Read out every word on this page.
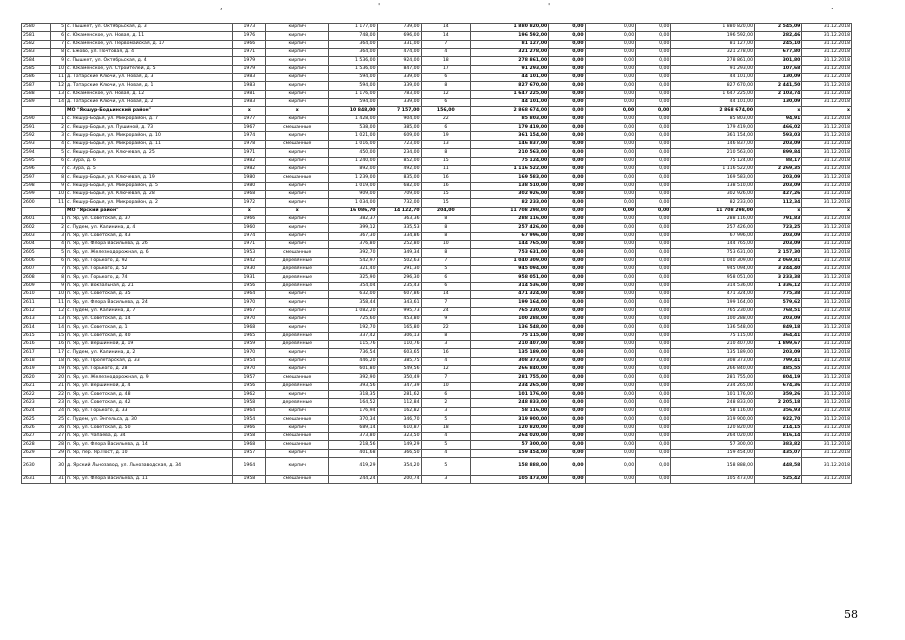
,	'	'	.
2580	5	с. Пышкет, ул. Октябрьская, д. 3	1973	кирпич	1 177,00	739,00	14	1 880 820,00	0,00	0,00	0,00	1 880 820,00	2 545,09	31.12.2018
2581	6	с. Юкаменское, ул. Новая, д. 11	1976	кирпич	748,00	696,00	14	196 592,00	0,00	0,00	0,00	196 592,00	282,46	31.12.2018
2582	7	с. Юкаменское, ул. Первомайская, д. 17	1966	кирпич	364,00	331,00	7	81 127,00	0,00	0,00	0,00	81 127,00	245,10	31.12.2018
2583	8	с. Ежово, ул. Почтовая, д. 4	1971	кирпич	364,00	474,00	4	321 278,00	0,00	0,00	0,00	321 278,00	677,80	31.12.2018
2584	9	с. Пышкет, ул. Октябрьская, д. 4	1979	кирпич	1 536,00	924,00	18	278 861,00	0,00	0,00	0,00	278 861,00	301,80	31.12.2018
2585	10	с. Юкаменское, ул. Строителей, д. 5	1979	кирпич	1 536,00	847,00	17	91 293,00	0,00	0,00	0,00	91 293,00	107,68	31.12.2018
2586	11	д. Татарские Ключи, ул. Новая, д. 3	1983	кирпич	594,00	339,00	6	44 101,00	0,00	0,00	0,00	44 101,00	130,09	31.12.2018
2587	12	д. Татарские Ключи, ул. Новая, д. 1	1983	кирпич	594,00	339,00	8	827 670,00	0,00	0,00	0,00	827 670,00	2 441,50	31.12.2018
2588	13	с. Юкаменское, ул. Новая, д. 12	1981	кирпич	1 176,00	783,00	12	1 647 225,00	0,00	0,00	0,00	1 647 225,00	2 103,74	31.12.2018
2589	14	д. Татарские Ключи, ул. Новая, д. 2	1983	кирпич	594,00	339,00	6	44 101,00	0,00	0,00	0,00	44 101,00	130,09	31.12.2018
		МО "Якшур-Бодьинский район"	х	х	10 848,00	7 157,00	156,00	2 868 674,00	0,00	0,00	0,00	2 868 674,00	х	х
2590	1	с. Якшур-Бодья, ул. Микрорайон, д. 7	1977	кирпич	1 428,00	904,00	22	85 803,00	0,00	0,00	0,00	85 803,00	94,91	31.12.2018
2591	2	с. Якшур-Бодья, ул. Пушиной, д. 73	1967	смешанные	538,00	385,00	6	179 419,00	0,00	0,00	0,00	179 419,00	466,02	31.12.2018
2592	3	с. Якшур-Бодья, ул. Микрорайон, д. 10	1974	кирпич	1 021,00	609,00	19	361 154,00	0,00	0,00	0,00	361 154,00	593,03	31.12.2018
2593	4	с. Якшур-Бодья, ул. Микрорайон, д. 11	1978	смешанные	1 016,00	723,00	13	146 837,00	0,00	0,00	0,00	146 837,00	203,09	31.12.2018
2594	5	с. Якшур-Бодья, ул. Ключевая, д. 25	1971	кирпич	450,00	234,00	8	210 563,00	0,00	0,00	0,00	210 563,00	899,84	31.12.2018
2595	6	с. Зура, д. 6	1982	кирпич	1 240,00	852,00	15	75 124,00	0,00	0,00	0,00	75 124,00	88,17	31.12.2018
2596	7	с. Зура, д. 5	1982	кирпич	892,00	492,00	11	1 116 522,00	0,00	0,00	0,00	1 116 522,00	2 269,35	31.12.2018
2597	8	с. Якшур-Бодья, ул. Ключевая, д. 19	1980	смешанные	1 239,00	835,00	16	169 583,00	0,00	0,00	0,00	169 583,00	203,09	31.12.2018
2598	9	с. Якшур-Бодья, ул. Микрорайон, д. 5	1980	кирпич	1 019,00	682,00	16	138 510,00	0,00	0,00	0,00	138 510,00	203,09	31.12.2018
2599	10	с. Якшур-Бодья, ул. Ключевая, д. 28	1968	кирпич	909,00	709,00	15	302 926,00	0,00	0,00	0,00	302 926,00	427,26	31.12.2018
2600	11	с. Якшур-Бодья, ул. Микрорайон, д. 2	1972	кирпич	1 034,00	732,00	15	82 233,00	0,00	0,00	0,00	82 233,00	112,34	31.12.2018
		МО "Ярский район"	х	х	16 086,70	14 122,70	204,00	11 708 298,00	0,00	0,00	0,00	11 708 298,00	х	х
2601	1	п. Яр, ул. Советская, д. 37	1966	кирпич	382,37	363,36	8	288 116,00	0,00	0,00	0,00	288 116,00	791,83	31.12.2018
2602	2	с. Пудем, ул. Калинина, д. 4	1960	кирпич	399,12	335,53	8	257 426,00	0,00	0,00	0,00	257 426,00	723,25	31.12.2018
2603	3	п. Яр, ул. Советская, д. 43	1974	кирпич	367,30	334,86	8	67 996,00	0,00	0,00	0,00	67 996,00	203,09	31.12.2018
2604	4	п. Яр, ул. Флора Васильева, д. 2б	1971	кирпич	376,80	252,80	10	144 765,00	0,00	0,00	0,00	144 765,00	203,09	31.12.2018
2605	5	п. Яр, ул. Железнодорожная, д. 6	1953	смешанные	392,70	349,34	8	753 631,00	0,00	0,00	0,00	753 631,00	2 157,30	31.12.2018
2606	6	п. Яр, ул. Горького, д. 92	1942	деревянные	542,97	502,63	7	1 040 309,00	0,00	0,00	0,00	1 040 309,00	2 069,81	31.12.2018
2607	7	п. Яр, ул. Горького, д. 52	1930	деревянные	321,40	291,30	5	945 094,00	0,00	0,00	0,00	945 094,00	3 244,40	31.12.2018
2608	8	п. Яр, ул. Горького, д. 74	1931	деревянные	325,90	296,30	6	958 051,00	0,00	0,00	0,00	958 051,00	3 233,38	31.12.2018
2609	9	п. Яр, ул. Вокзальная, д. 21	1956	деревянные	354,04	235,43	6	314 536,00	0,00	0,00	0,00	314 536,00	1 336,12	31.12.2018
2610	10	п. Яр, ул. Советская, д. 35	1964	кирпич	632,00	607,86	14	471 324,00	0,00	0,00	0,00	471 324,00	775,38	31.12.2018
2611	11	п. Яр, ул. Флора Васильева, д. 24	1970	кирпич	358,44	343,61	7	199 164,00	0,00	0,00	0,00	199 164,00	579,62	31.12.2018
2612	12	с. Пудем, ул. Калинина, д. 7	1967	кирпич	1 082,20	995,73	24	765 230,00	0,00	0,00	0,00	765 230,00	768,51	31.12.2018
2613	13	п. Яр, ул. Советская, д. 14	1970	кирпич	725,60	453,80	9	100 288,00	0,00	0,00	0,00	100 288,00	203,09	31.12.2018
2614	14	п. Яр, ул. Советская, д. 1	1968	кирпич	192,70	165,80	22	136 548,00	0,00	0,00	0,00	136 548,00	849,18	31.12.2018
2615	15	п. Яр, ул. Советская, д. 40	1965	деревянные	337,42	306,13	8	75 115,00	0,00	0,00	0,00	75 115,00	364,41	31.12.2018
2616	16	п. Яр, ул. Вершинной, д. 19	1959	деревянные	115,76	110,76	3	210 407,00	0,00	0,00	0,00	210 407,00	1 899,67	31.12.2018
2617	17	с. Пудем, ул. Калинина, д. 2	1970	кирпич	736,54	603,65	16	135 189,00	0,00	0,00	0,00	135 189,00	203,09	31.12.2018
2618	18	п. Яр, ул. Пролетарская, д. 33	1954	кирпич	446,20	385,75	4	308 373,00	0,00	0,00	0,00	308 373,00	799,41	31.12.2018
2619	19	п. Яр, ул. Горького, д. 28	1970	кирпич	601,80	549,56	12	266 840,00	0,00	0,00	0,00	266 840,00	485,55	31.12.2018
2620	20	п. Яр, ул. Железнодорожная, д. 9	1957	смешанные	392,90	350,49	7	281 755,00	0,00	0,00	0,00	281 755,00	804,19	31.12.2018
2621	21	п. Яр, ул. Вершинной, д. 4	1956	деревянные	393,56	347,39	10	234 265,00	0,00	0,00	0,00	234 265,00	674,36	31.12.2018
2622	22	п. Яр, ул. Советская, д. 48	1962	кирпич	318,35	281,62	6	101 176,00	0,00	0,00	0,00	101 176,00	359,26	31.12.2018
2623	23	п. Яр, ул. Советская, д. 42	1958	деревянные	164,52	112,84	2	248 833,00	0,00	0,00	0,00	248 833,00	2 205,18	31.12.2018
2624	24	п. Яр, ул. Горького, д. 33	1964	кирпич	176,94	162,82	3	58 116,00	0,00	0,00	0,00	58 116,00	356,93	31.12.2018
2625	25	с. Пудем, ул. Энгельса, д. 30	1954	смешанные	370,34	346,70	5	319 900,00	0,00	0,00	0,00	319 900,00	922,70	31.12.2018
2626	26	п. Яр, ул. Советская, д. 50	1966	кирпич	689,14	610,87	18	120 820,00	0,00	0,00	0,00	120 820,00	214,15	31.12.2018
2627	27	п. Яр, ул. Чапаева, д. 34	1958	смешанные	373,80	323,50	4	264 020,00	0,00	0,00	0,00	264 020,00	816,14	31.12.2018
2628	28	п. Яр, ул. Флора Васильева, д. 14	1968	смешанные	218,56	149,29	5	57 300,00	0,00	0,00	0,00	57 300,00	383,82	31.12.2018
2629	29	п. Яр, пер. Яр.Пост, д. 10	1957	кирпич	401,68	366,50	4	159 454,00	0,00	0,00	0,00	159 454,00	435,07	31.12.2018
2630	30	д. Ярский Льнозавод, ул. Льнозаводская, д. 34	1964	кирпич	419,29	354,20	5	158 888,00	0,00	0,00	0,00	158 888,00	448,58	31.12.2018
2631	31	п. Яр, ул. Флора Васильева, д. 11	1958	смешанные	244,24	200,74	3	105 473,00	0,00	0,00	0,00	105 473,00	525,42	31.12.2018
58
